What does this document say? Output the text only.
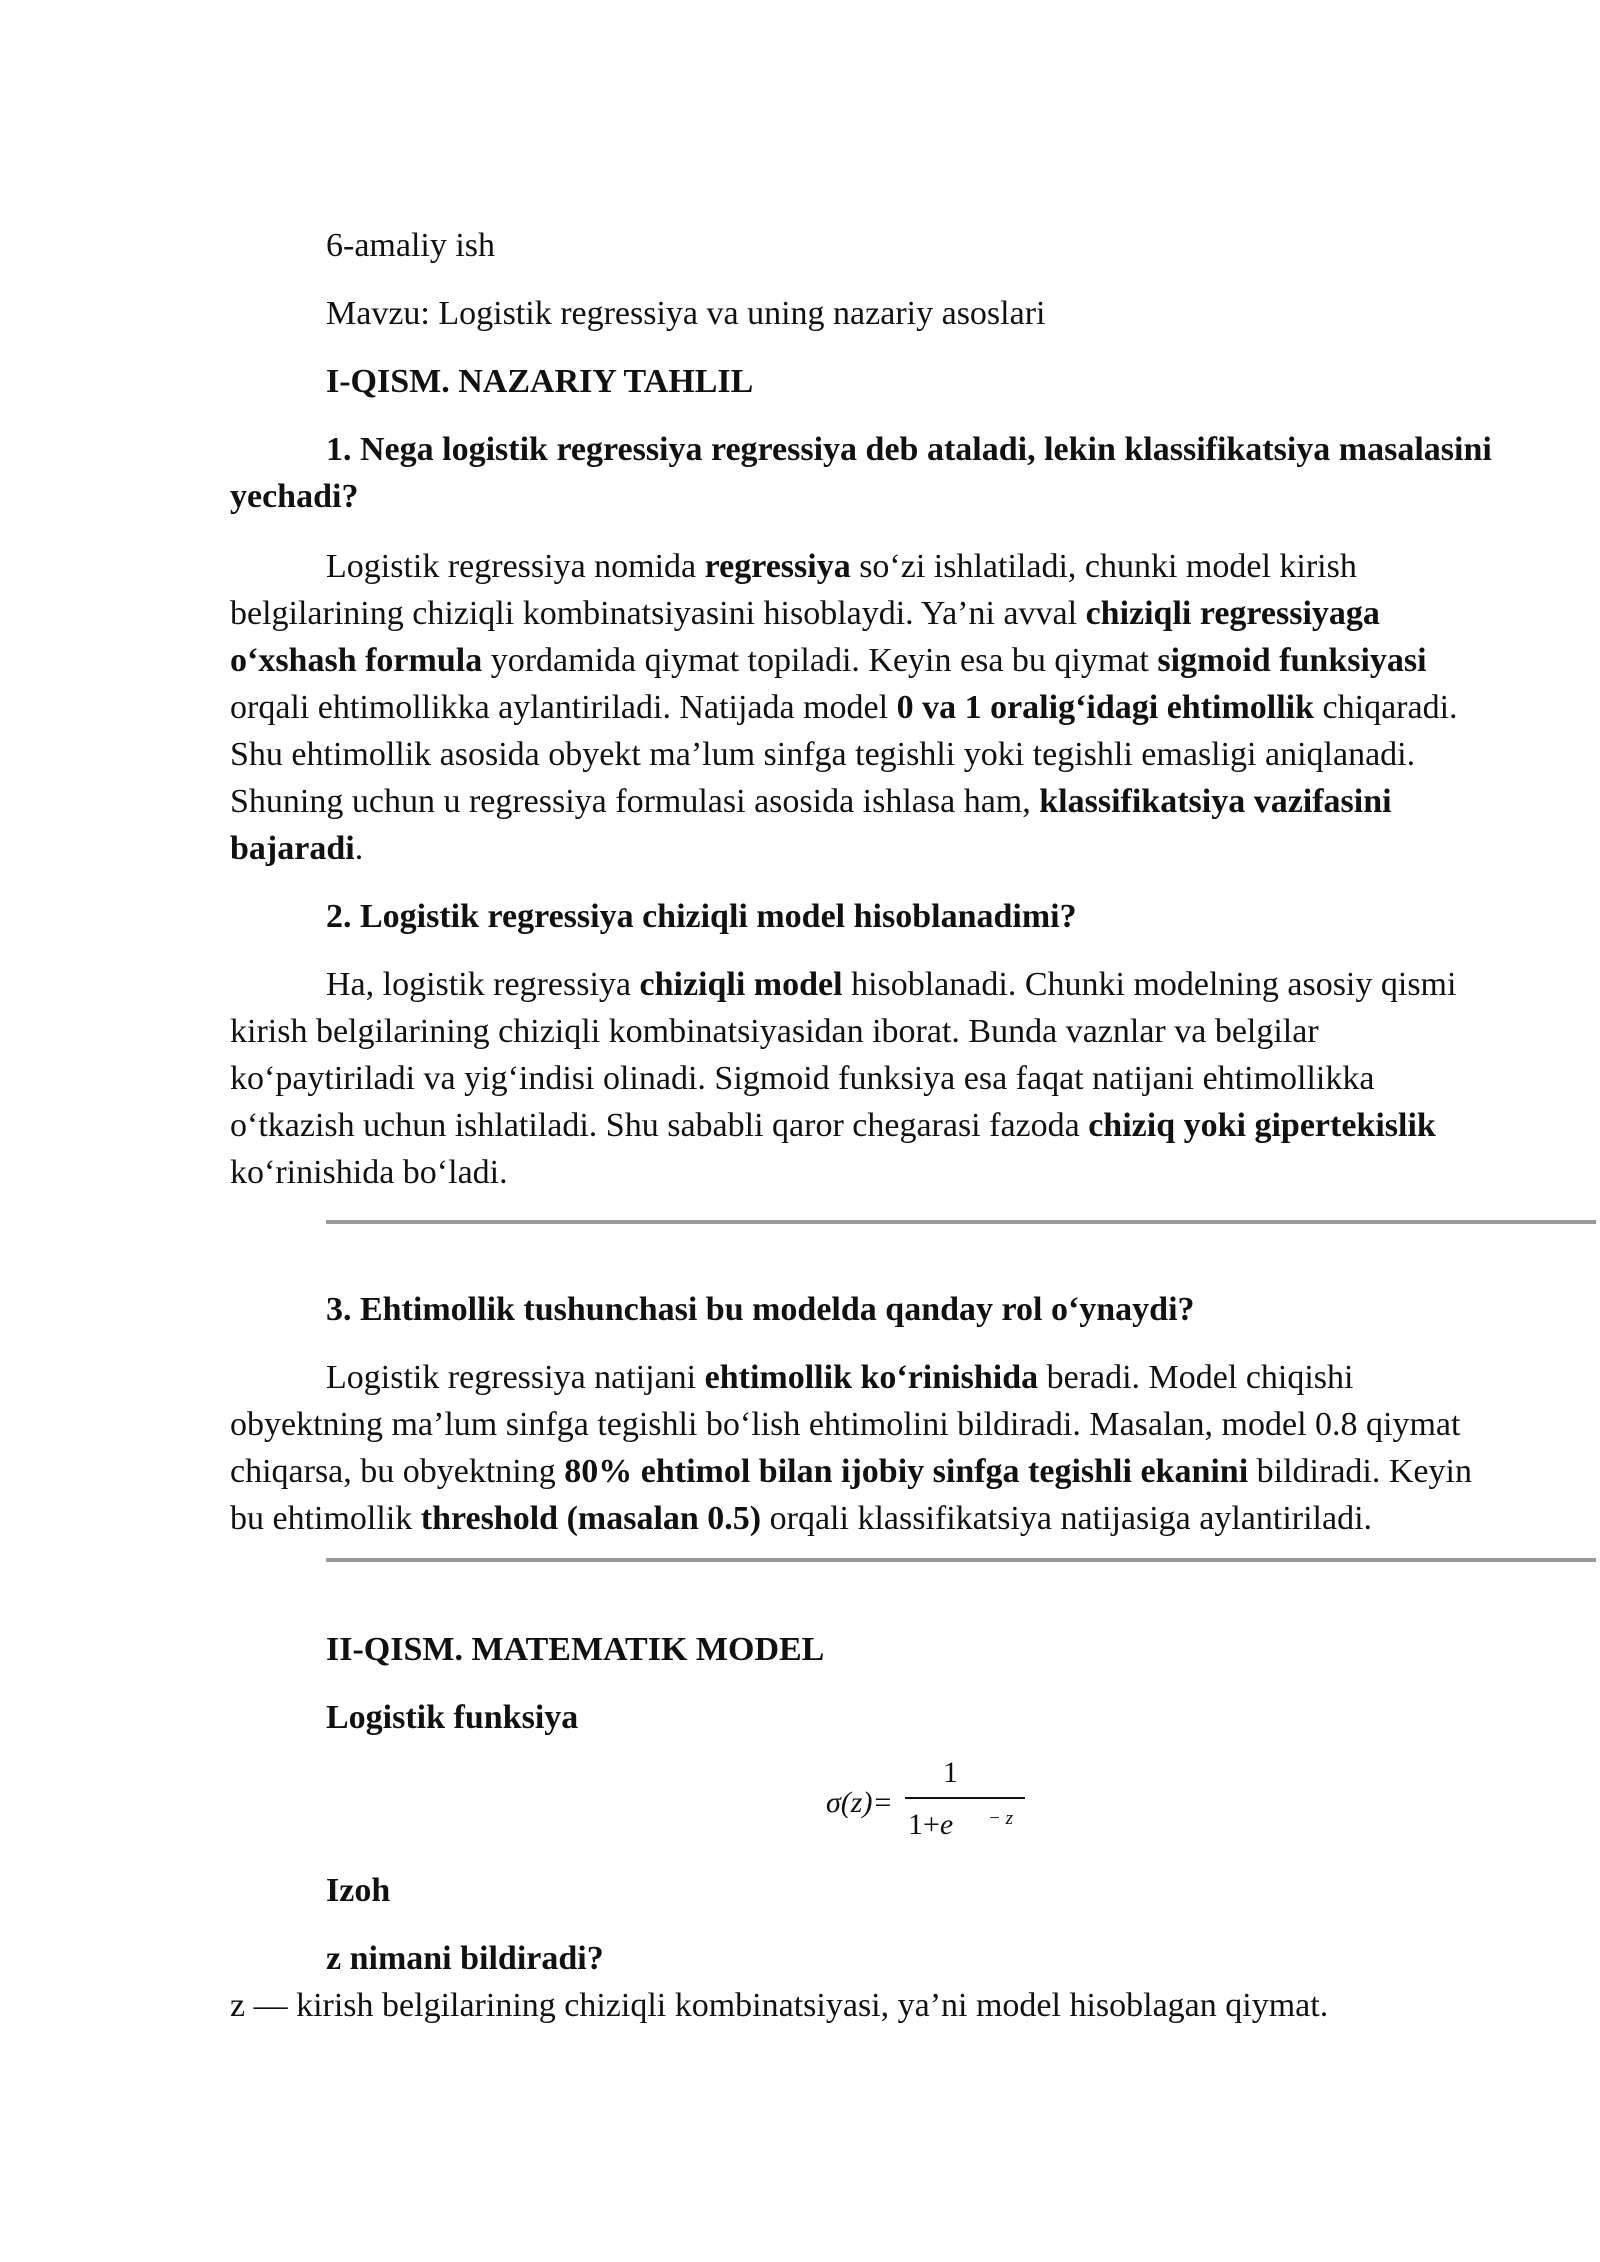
6-amaliy ish

Mavzu: Logistik regressiya va uning nazariy asoslari

I-QISM. NAZARIY TAHLIL

1. Nega logistik regressiya regressiya deb ataladi, lekin klassifikatsiya masalasini yechadi?

Logistik regressiya nomida regressiya so‘zi ishlatiladi, chunki model kirish belgilarining chiziqli kombinatsiyasini hisoblaydi. Ya’ni avval chiziqli regressiyaga o‘xshash formula yordamida qiymat topiladi. Keyin esa bu qiymat sigmoid funksiyasi orqali ehtimollikka aylantiriladi. Natijada model 0 va 1 oralig‘idagi ehtimollik chiqaradi. Shu ehtimollik asosida obyekt ma’lum sinfga tegishli yoki tegishli emasligi aniqlanadi. Shuning uchun u regressiya formulasi asosida ishlasa ham, klassifikatsiya vazifasini bajaradi.

2. Logistik regressiya chiziqli model hisoblanadimi?

Ha, logistik regressiya chiziqli model hisoblanadi. Chunki modelning asosiy qismi kirish belgilarining chiziqli kombinatsiyasidan iborat. Bunda vaznlar va belgilar ko‘paytiriladi va yig‘indisi olinadi. Sigmoid funksiya esa faqat natijani ehtimollikka o‘tkazish uchun ishlatiladi. Shu sababli qaror chegarasi fazoda chiziq yoki gipertekislik ko‘rinishida bo‘ladi.

3. Ehtimollik tushunchasi bu modelda qanday rol o‘ynaydi?

Logistik regressiya natijani ehtimollik ko‘rinishida beradi. Model chiqishi obyektning ma’lum sinfga tegishli bo‘lish ehtimolini bildiradi. Masalan, model 0.8 qiymat chiqarsa, bu obyektning 80% ehtimol bilan ijobiy sinfga tegishli ekanini bildiradi. Keyin bu ehtimollik threshold (masalan 0.5) orqali klassifikatsiya natijasiga aylantiriladi.

II-QISM. MATEMATIK MODEL

Logistik funksiya

σ(z)=
1
1+e − z

Izoh

z nimani bildiradi?

z — kirish belgilarining chiziqli kombinatsiyasi, ya’ni model hisoblagan qiymat.
